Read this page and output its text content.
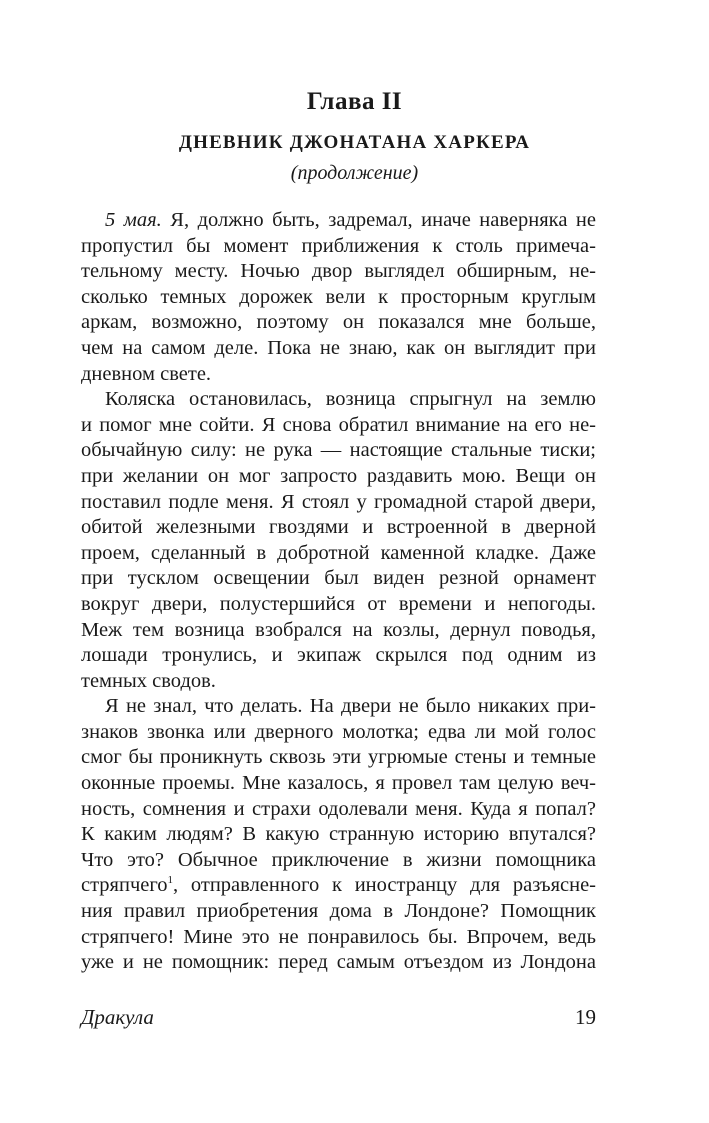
Глава II
ДНЕВНИК ДЖОНАТАНА ХАРКЕРА
(продолжение)
5 мая. Я, должно быть, задремал, иначе наверняка не
пропустил бы момент приближения к столь примеча-
тельному месту. Ночью двор выглядел обширным, не-
сколько темных дорожек вели к просторным круглым
аркам, возможно, поэтому он показался мне больше,
чем на самом деле. Пока не знаю, как он выглядит при
дневном свете.
Коляска остановилась, возница спрыгнул на землю
и помог мне сойти. Я снова обратил внимание на его не-
обычайную силу: не рука — настоящие стальные тиски;
при желании он мог запросто раздавить мою. Вещи он
поставил подле меня. Я стоял у громадной старой двери,
обитой железными гвоздями и встроенной в дверной
проем, сделанный в добротной каменной кладке. Даже
при тусклом освещении был виден резной орнамент
вокруг двери, полустершийся от времени и непогоды.
Меж тем возница взобрался на козлы, дернул поводья,
лошади тронулись, и экипаж скрылся под одним из
темных сводов.
Я не знал, что делать. На двери не было никаких при-
знаков звонка или дверного молотка; едва ли мой голос
смог бы проникнуть сквозь эти угрюмые стены и темные
оконные проемы. Мне казалось, я провел там целую веч-
ность, сомнения и страхи одолевали меня. Куда я попал?
К каким людям? В какую странную историю впутался?
Что это? Обычное приключение в жизни помощника
стряпчего$^1$, отправленного к иностранцу для разъясне-
ния правил приобретения дома в Лондоне? Помощник
стряпчего! Мине это не понравилось бы. Впрочем, ведь
уже и не помощник: перед самым отъездом из Лондона
Дракула	19
